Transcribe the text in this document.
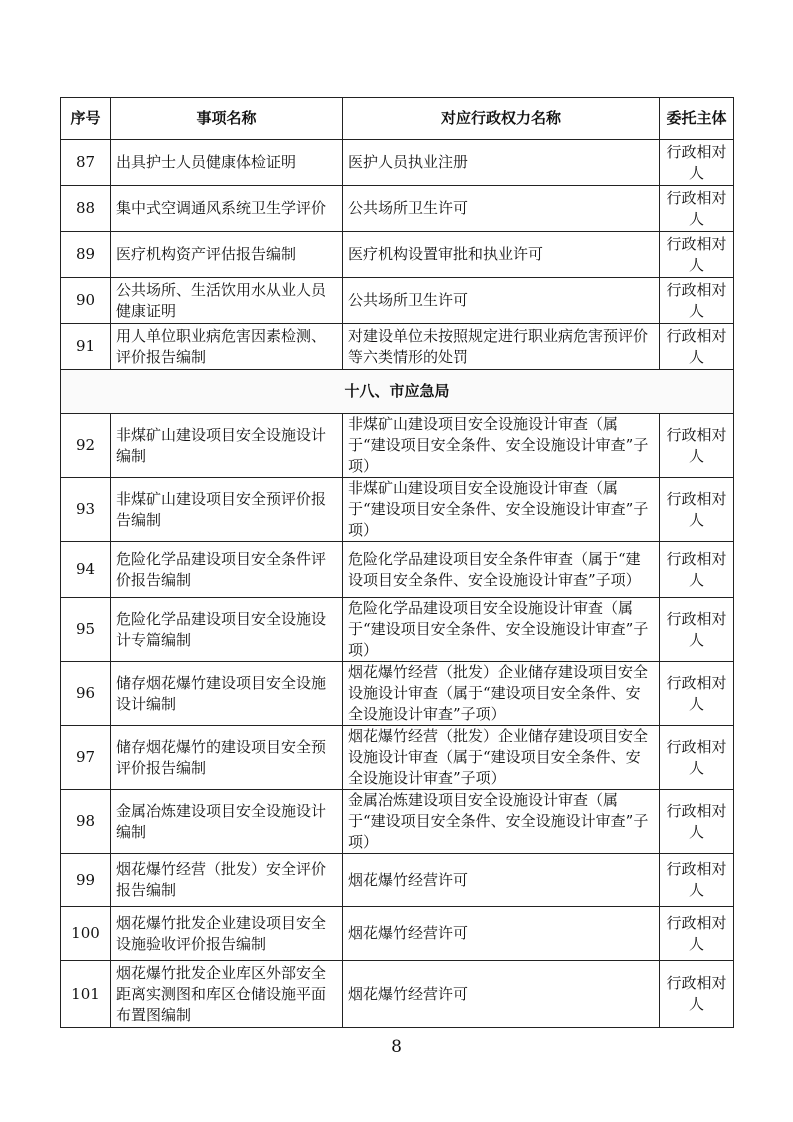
序号	事项名称	对应行政权力名称	委托主体
87	出具护士人员健康体检证明	医护人员执业注册	行政相对人
88	集中式空调通风系统卫生学评价	公共场所卫生许可	行政相对人
89	医疗机构资产评估报告编制	医疗机构设置审批和执业许可	行政相对人
90	公共场所、生活饮用水从业人员健康证明	公共场所卫生许可	行政相对人
91	用人单位职业病危害因素检测、评价报告编制	对建设单位未按照规定进行职业病危害预评价等六类情形的处罚	行政相对人
十八、市应急局			
92	非煤矿山建设项目安全设施设计编制	非煤矿山建设项目安全设施设计审查（属于“建设项目安全条件、安全设施设计审查”子项）	行政相对人
93	非煤矿山建设项目安全预评价报告编制	非煤矿山建设项目安全设施设计审查（属于“建设项目安全条件、安全设施设计审查”子项）	行政相对人
94	危险化学品建设项目安全条件评价报告编制	危险化学品建设项目安全条件审查（属于“建设项目安全条件、安全设施设计审查”子项）	行政相对人
95	危险化学品建设项目安全设施设计专篇编制	危险化学品建设项目安全设施设计审查（属于“建设项目安全条件、安全设施设计审查”子项）	行政相对人
96	储存烟花爆竹建设项目安全设施设计编制	烟花爆竹经营（批发）企业储存建设项目安全设施设计审查（属于“建设项目安全条件、安全设施设计审查”子项）	行政相对人
97	储存烟花爆竹的建设项目安全预评价报告编制	烟花爆竹经营（批发）企业储存建设项目安全设施设计审查（属于“建设项目安全条件、安全设施设计审查”子项）	行政相对人
98	金属冶炼建设项目安全设施设计编制	金属冶炼建设项目安全设施设计审查（属于“建设项目安全条件、安全设施设计审查”子项）	行政相对人
99	烟花爆竹经营（批发）安全评价报告编制	烟花爆竹经营许可	行政相对人
100	烟花爆竹批发企业建设项目安全设施验收评价报告编制	烟花爆竹经营许可	行政相对人
101	烟花爆竹批发企业库区外部安全距离实测图和库区仓储设施平面布置图编制	烟花爆竹经营许可	行政相对人
8
